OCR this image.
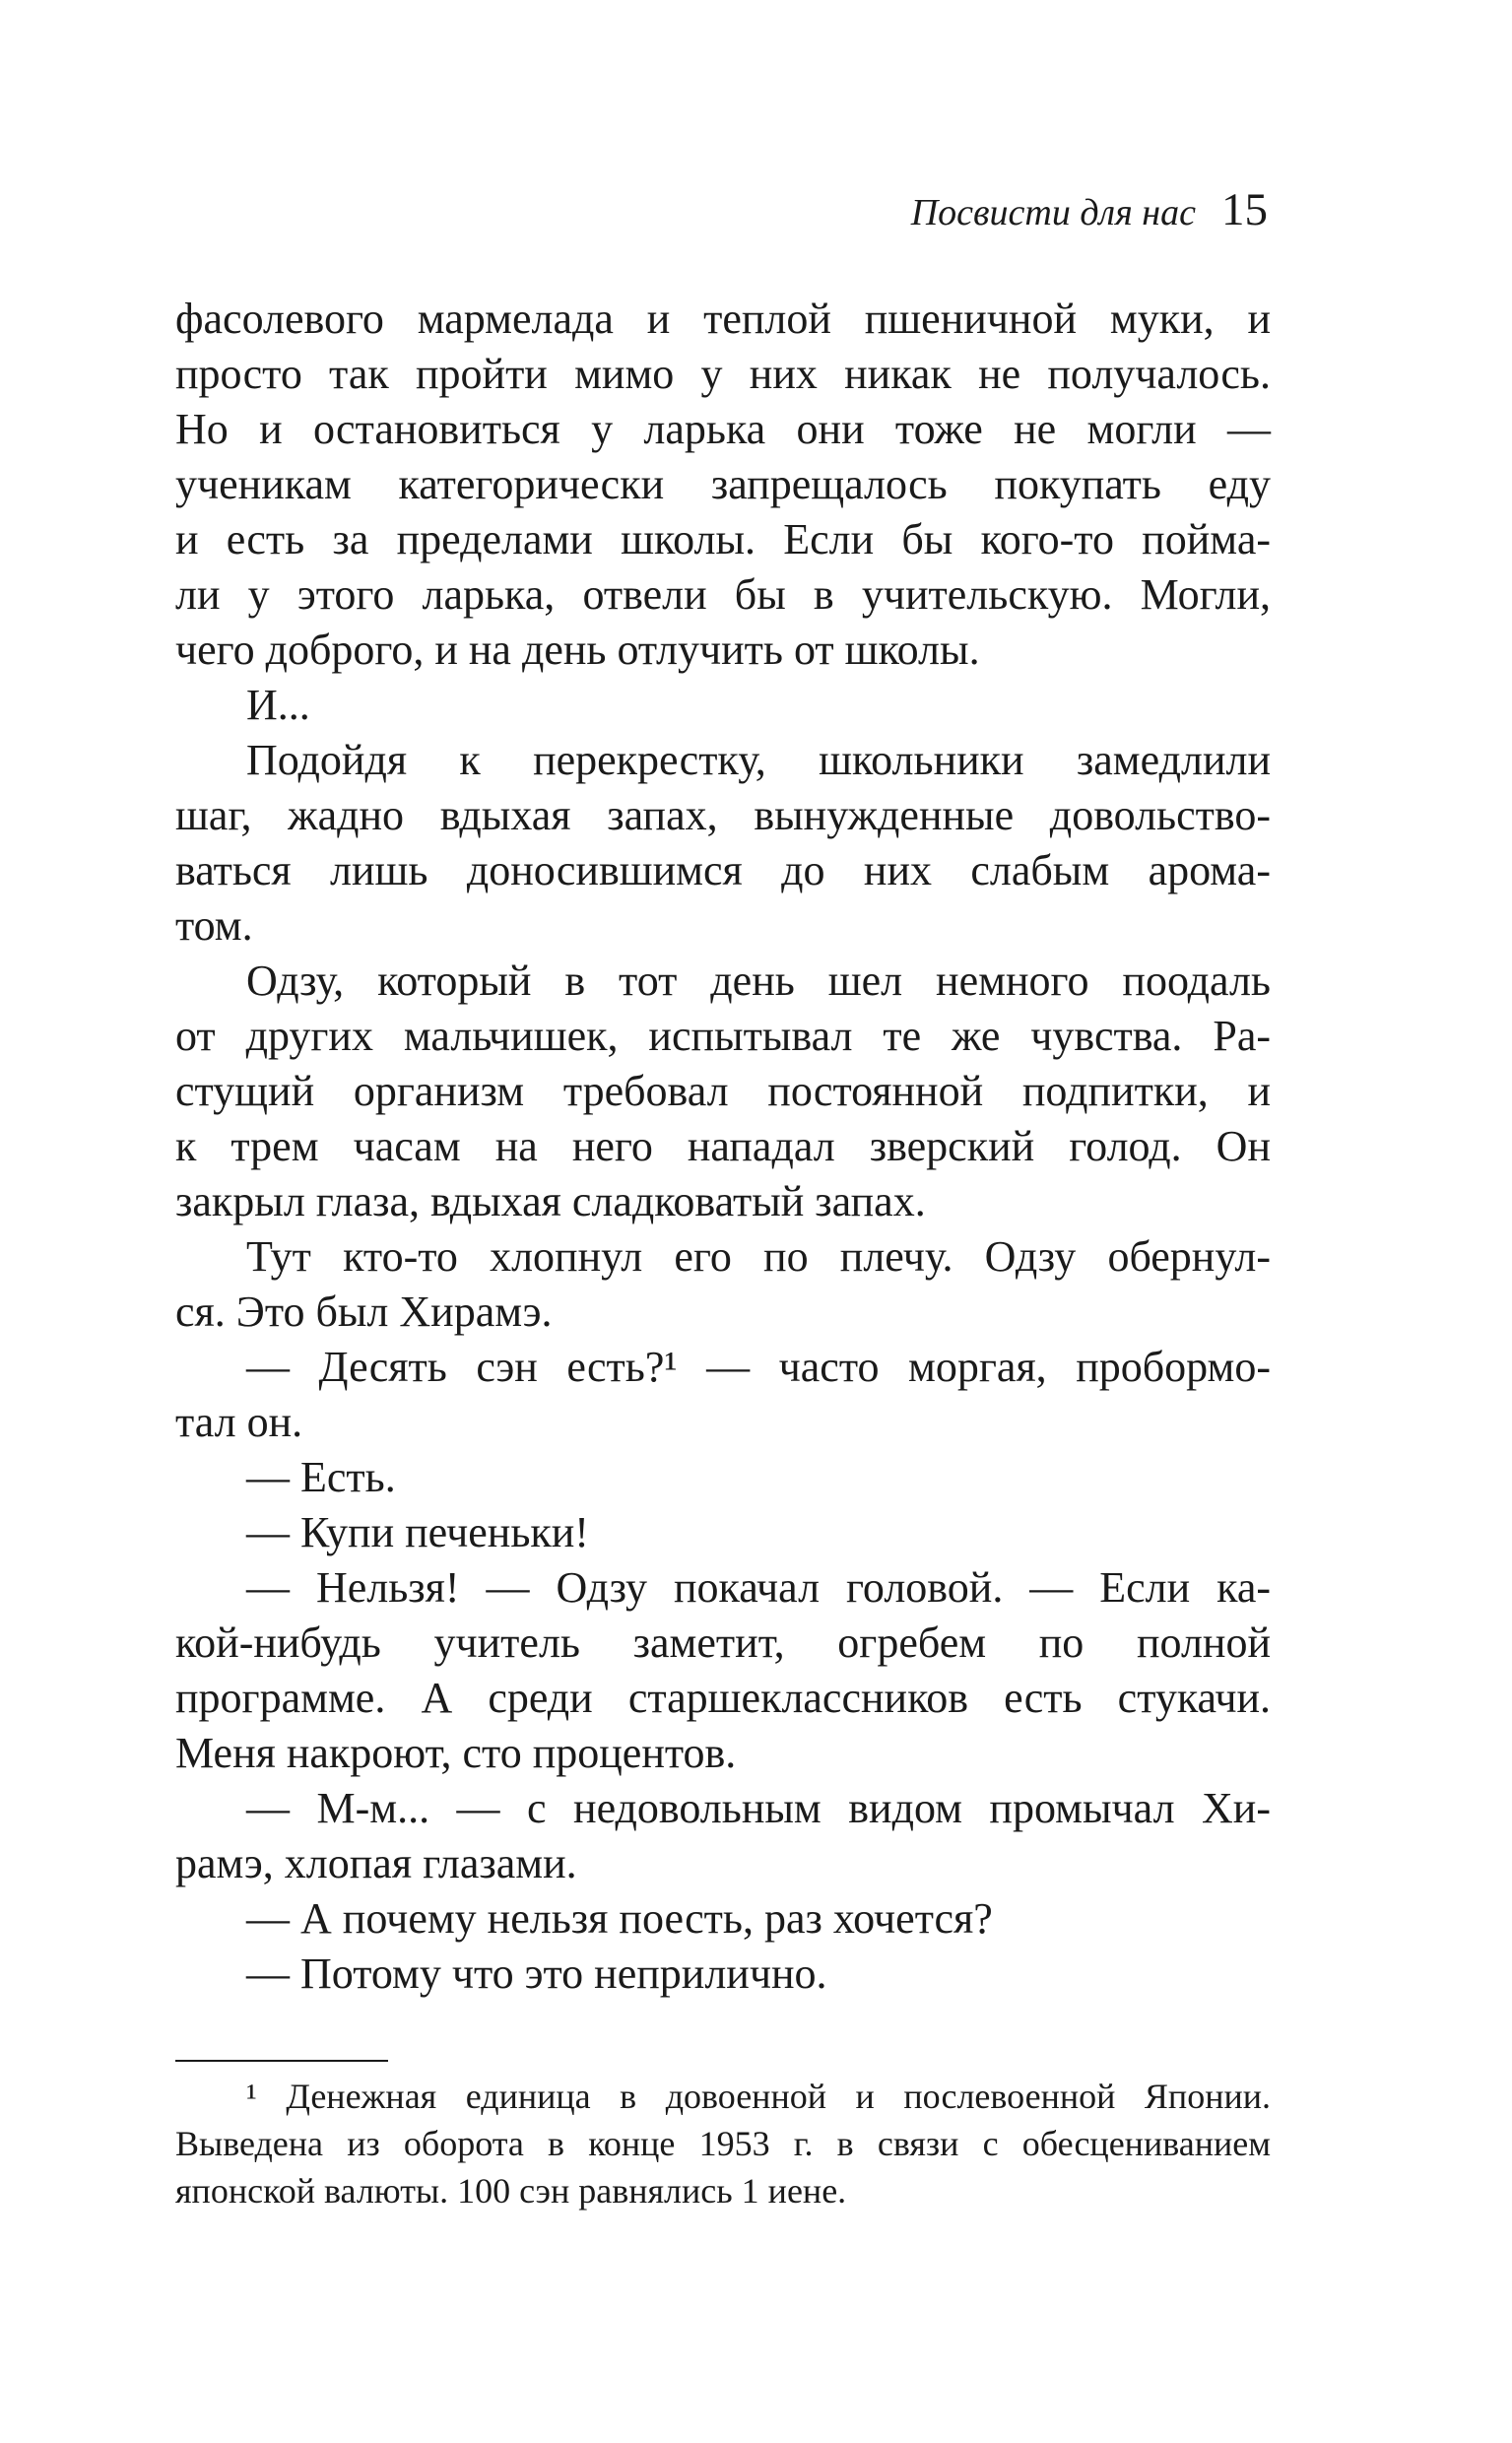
Посвисти для нас 15
фасолевого мармелада и теплой пшеничной муки, и
просто так пройти мимо у них никак не получалось.
Но и остановиться у ларька они тоже не могли —
ученикам категорически запрещалось покупать еду
и есть за пределами школы. Если бы кого-то пойма-
ли у этого ларька, отвели бы в учительскую. Могли,
чего доброго, и на день отлучить от школы.
И...
Подойдя к перекрестку, школьники замедлили
шаг, жадно вдыхая запах, вынужденные довольство-
ваться лишь доносившимся до них слабым арома-
том.
Одзу, который в тот день шел немного поодаль
от других мальчишек, испытывал те же чувства. Ра-
стущий организм требовал постоянной подпитки, и
к трем часам на него нападал зверский голод. Он
закрыл глаза, вдыхая сладковатый запах.
Тут кто-то хлопнул его по плечу. Одзу обернул-
ся. Это был Хирамэ.
— Десять сэн есть?¹ — часто моргая, пробормо-
тал он.
— Есть.
— Купи печеньки!
— Нельзя! — Одзу покачал головой. — Если ка-
кой-нибудь учитель заметит, огребем по полной
программе. А среди старшеклассников есть стукачи.
Меня накроют, сто процентов.
— М-м... — с недовольным видом промычал Хи-
рамэ, хлопая глазами.
— А почему нельзя поесть, раз хочется?
— Потому что это неприлично.
¹ Денежная единица в довоенной и послевоенной Японии.
Выведена из оборота в конце 1953 г. в связи с обесцениванием
японской валюты. 100 сэн равнялись 1 иене.
